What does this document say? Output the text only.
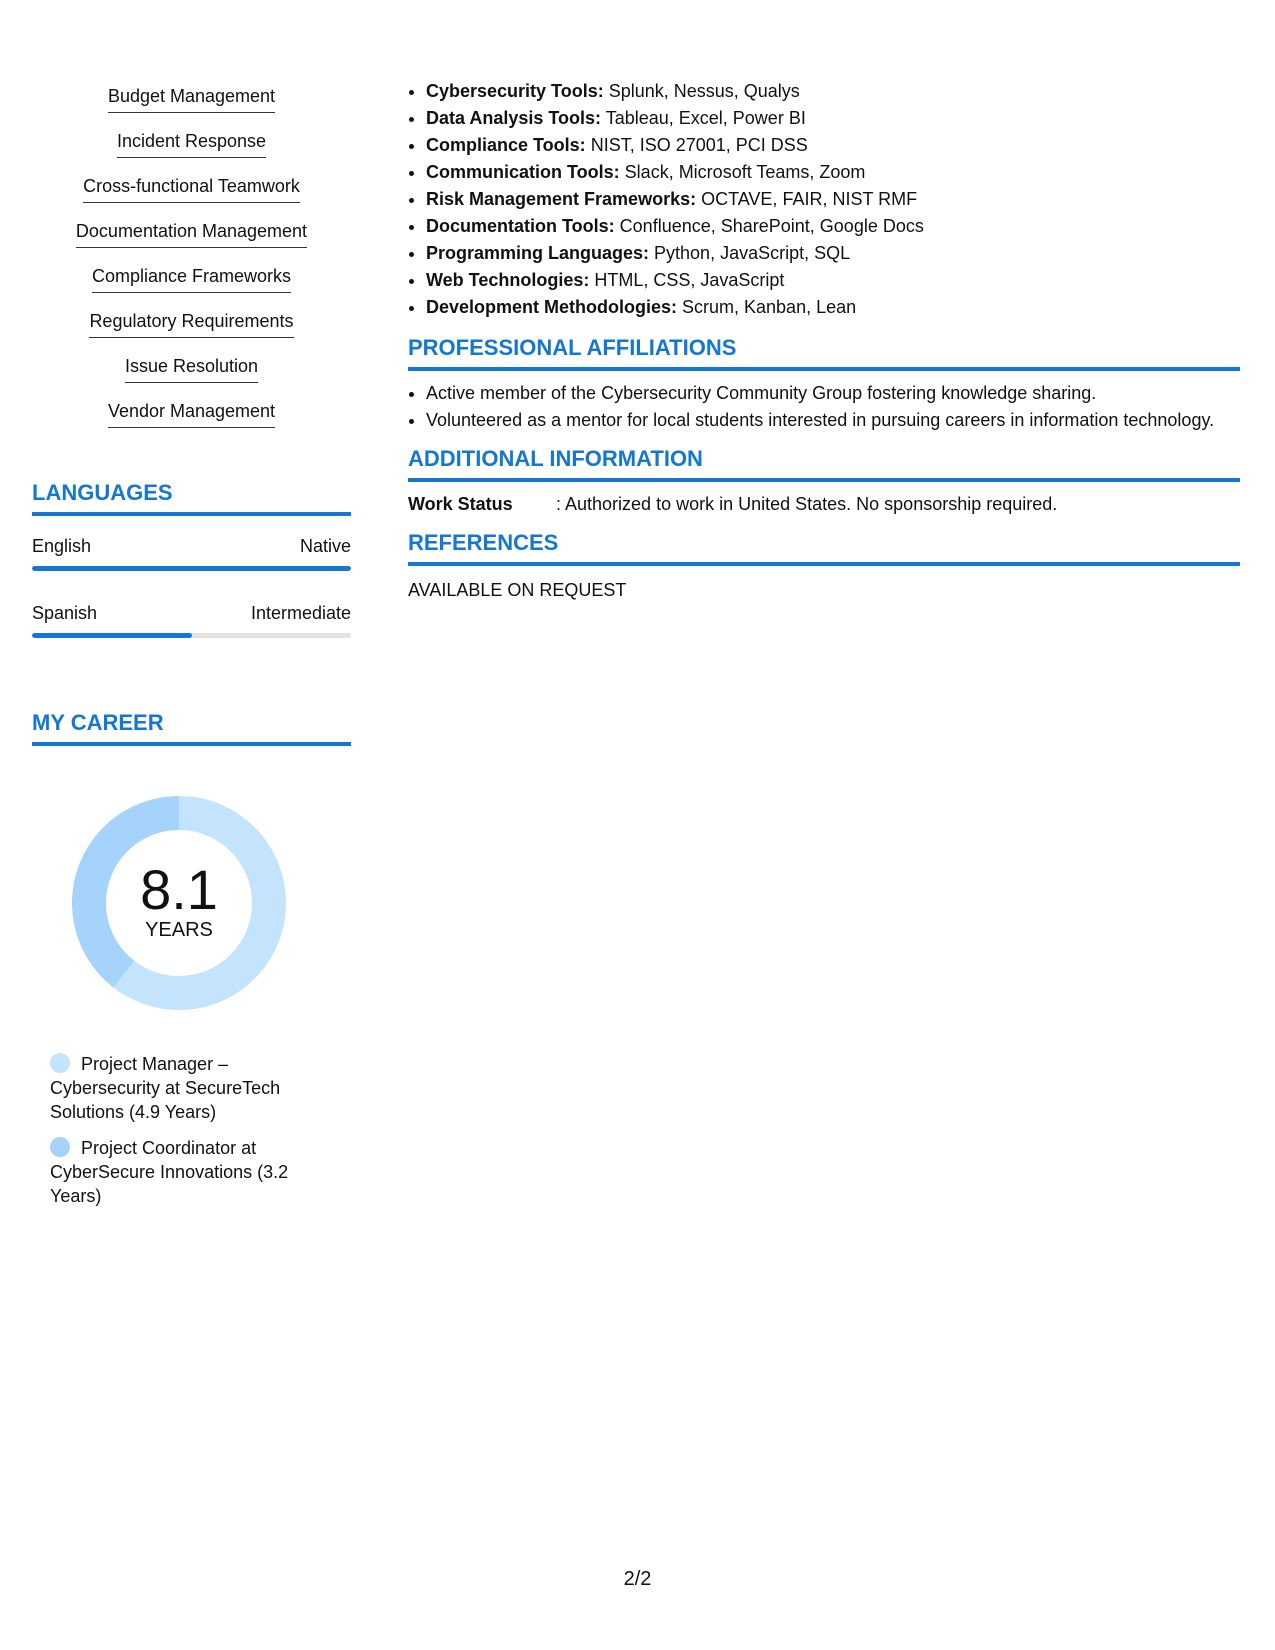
Budget Management
Incident Response
Cross-functional Teamwork
Documentation Management
Compliance Frameworks
Regulatory Requirements
Issue Resolution
Vendor Management
LANGUAGES
English	Native
Spanish	Intermediate
MY CAREER
8.1
YEARS
Project Manager – Cybersecurity at SecureTech Solutions (4.9 Years)
Project Coordinator at CyberSecure Innovations (3.2 Years)
• Cybersecurity Tools: Splunk, Nessus, Qualys
• Data Analysis Tools: Tableau, Excel, Power BI
• Compliance Tools: NIST, ISO 27001, PCI DSS
• Communication Tools: Slack, Microsoft Teams, Zoom
• Risk Management Frameworks: OCTAVE, FAIR, NIST RMF
• Documentation Tools: Confluence, SharePoint, Google Docs
• Programming Languages: Python, JavaScript, SQL
• Web Technologies: HTML, CSS, JavaScript
• Development Methodologies: Scrum, Kanban, Lean
PROFESSIONAL AFFILIATIONS
• Active member of the Cybersecurity Community Group fostering knowledge sharing.
• Volunteered as a mentor for local students interested in pursuing careers in information technology.
ADDITIONAL INFORMATION
Work Status	: Authorized to work in United States. No sponsorship required.
REFERENCES
AVAILABLE ON REQUEST
2/2
